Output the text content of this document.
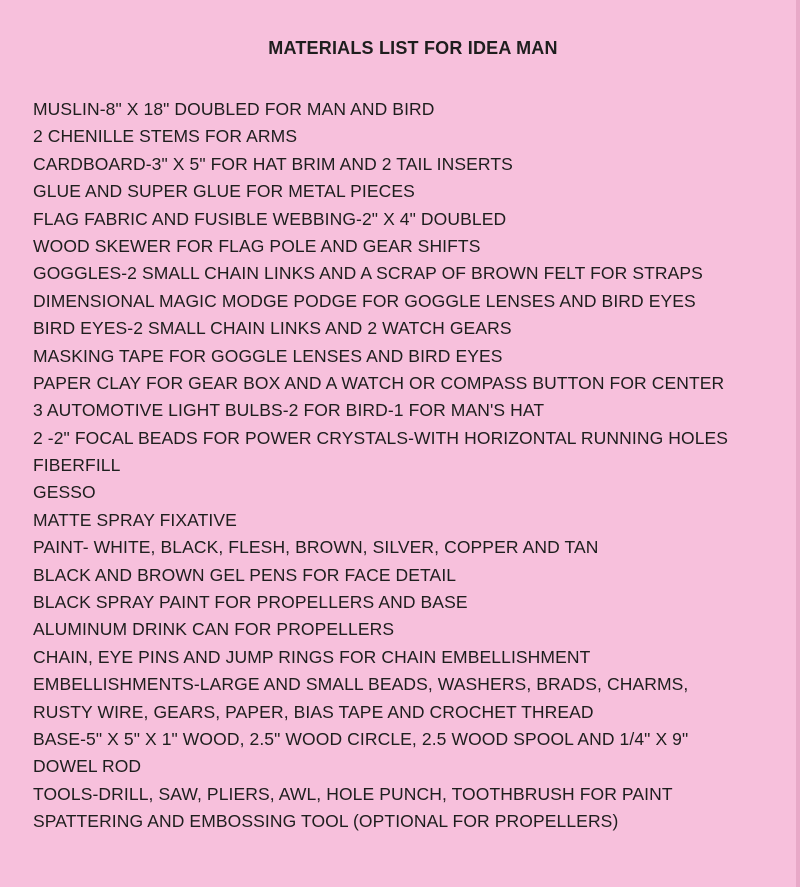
MATERIALS LIST FOR IDEA MAN
MUSLIN-8" X 18" DOUBLED FOR MAN AND BIRD
2 CHENILLE STEMS FOR ARMS
CARDBOARD-3" X 5" FOR HAT BRIM AND 2 TAIL INSERTS
GLUE AND SUPER GLUE FOR METAL PIECES
FLAG FABRIC AND FUSIBLE WEBBING-2" X 4" DOUBLED
WOOD SKEWER FOR FLAG POLE AND GEAR SHIFTS
GOGGLES-2 SMALL CHAIN LINKS AND A SCRAP OF BROWN FELT FOR STRAPS
DIMENSIONAL MAGIC MODGE PODGE FOR GOGGLE LENSES AND BIRD EYES
BIRD EYES-2 SMALL CHAIN LINKS AND 2 WATCH GEARS
MASKING TAPE FOR GOGGLE LENSES AND BIRD EYES
PAPER CLAY FOR GEAR BOX AND A WATCH OR COMPASS BUTTON FOR CENTER
3 AUTOMOTIVE LIGHT BULBS-2 FOR BIRD-1 FOR MAN'S HAT
2 -2" FOCAL BEADS FOR POWER CRYSTALS-WITH HORIZONTAL RUNNING HOLES
FIBERFILL
GESSO
MATTE SPRAY FIXATIVE
PAINT- WHITE, BLACK, FLESH, BROWN, SILVER, COPPER AND TAN
BLACK AND BROWN GEL PENS FOR FACE DETAIL
BLACK SPRAY PAINT FOR PROPELLERS AND BASE
ALUMINUM DRINK CAN FOR PROPELLERS
CHAIN, EYE PINS AND JUMP RINGS FOR CHAIN EMBELLISHMENT
EMBELLISHMENTS-LARGE AND SMALL BEADS, WASHERS, BRADS, CHARMS,
RUSTY WIRE, GEARS, PAPER, BIAS TAPE AND CROCHET THREAD
BASE-5" X 5" X 1" WOOD, 2.5" WOOD CIRCLE, 2.5 WOOD SPOOL AND 1/4" X 9"
DOWEL ROD
TOOLS-DRILL, SAW, PLIERS, AWL, HOLE PUNCH, TOOTHBRUSH FOR PAINT
SPATTERING AND EMBOSSING TOOL (OPTIONAL FOR PROPELLERS)
